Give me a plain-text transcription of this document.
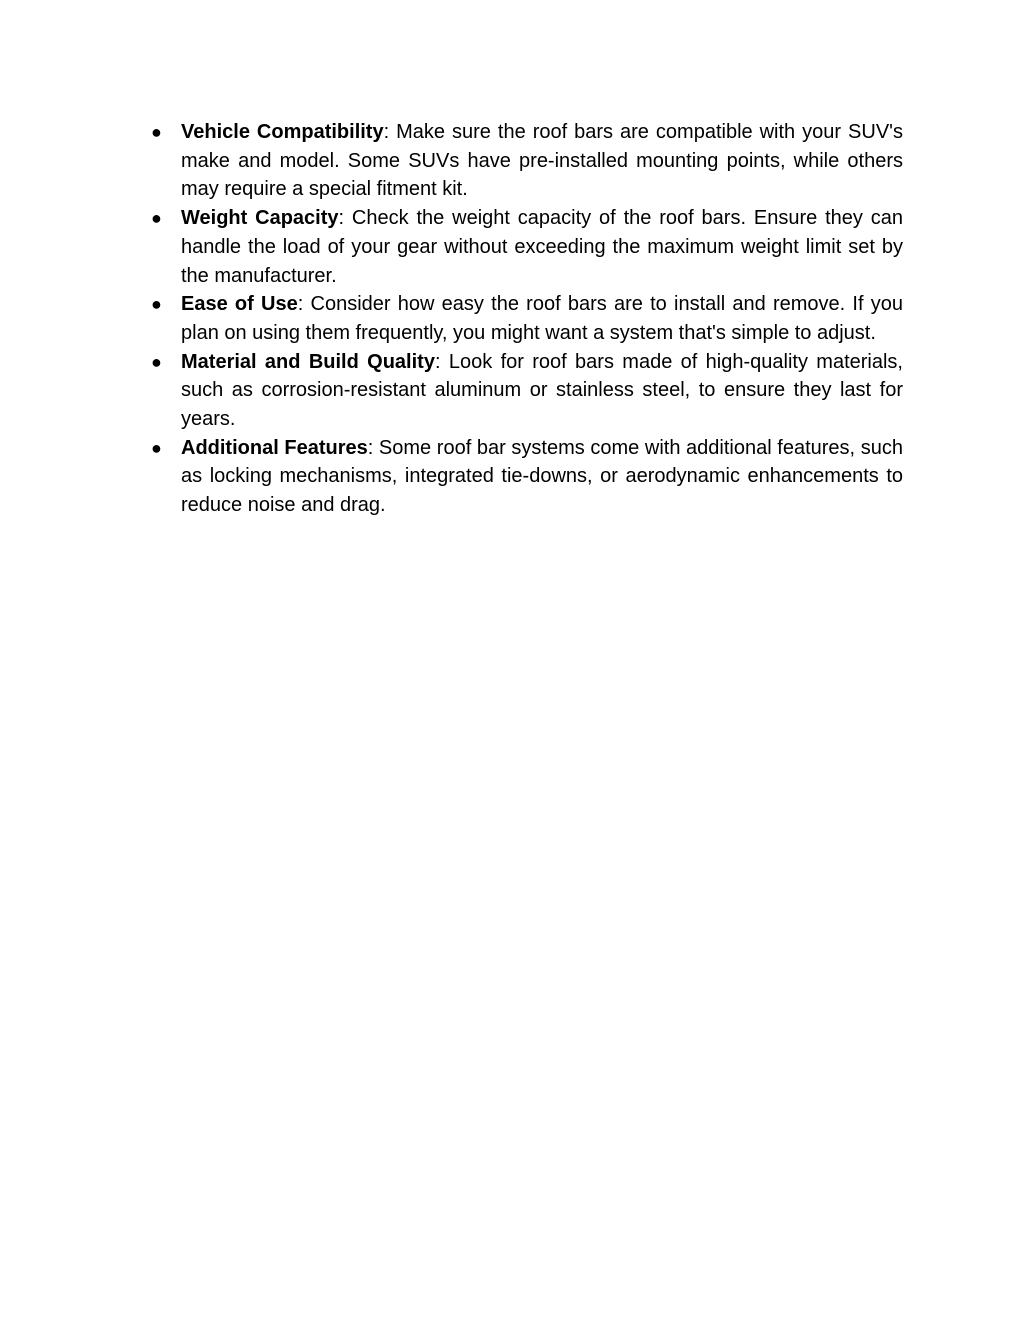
● Vehicle Compatibility: Make sure the roof bars are compatible with your SUV's make and model. Some SUVs have pre-installed mounting points, while others may require a special fitment kit.
● Weight Capacity: Check the weight capacity of the roof bars. Ensure they can handle the load of your gear without exceeding the maximum weight limit set by the manufacturer.
● Ease of Use: Consider how easy the roof bars are to install and remove. If you plan on using them frequently, you might want a system that's simple to adjust.
● Material and Build Quality: Look for roof bars made of high-quality materials, such as corrosion-resistant aluminum or stainless steel, to ensure they last for years.
● Additional Features: Some roof bar systems come with additional features, such as locking mechanisms, integrated tie-downs, or aerodynamic enhancements to reduce noise and drag.
